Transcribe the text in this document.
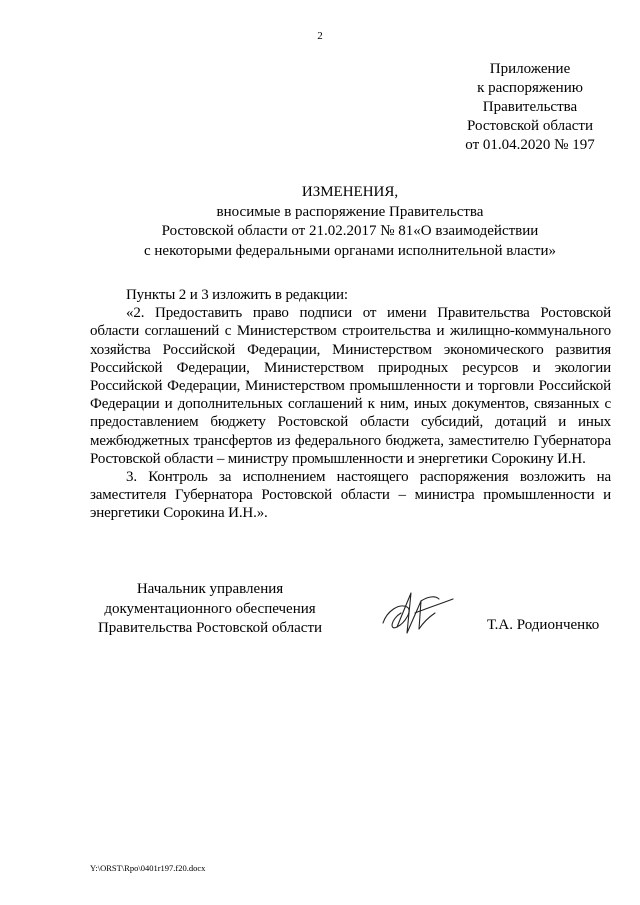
2
Приложение
к распоряжению
Правительства
Ростовской области
от 01.04.2020 № 197
ИЗМЕНЕНИЯ,
вносимые в распоряжение Правительства
Ростовской области от 21.02.2017 № 81«О взаимодействии
с некоторыми федеральными органами исполнительной власти»

Пункты 2 и 3 изложить в редакции:

«2. Предоставить право подписи от имени Правительства Ростовской области соглашений с Министерством строительства и жилищно-коммунального хозяйства Российской Федерации, Министерством экономического развития Российской Федерации, Министерством природных ресурсов и экологии Российской Федерации, Министерством промышленности и торговли Российской Федерации и дополнительных соглашений к ним, иных документов, связанных с предоставлением бюджету Ростовской области субсидий, дотаций и иных межбюджетных трансфертов из федерального бюджета, заместителю Губернатора Ростовской области – министру промышленности и энергетики Сорокину И.Н.

3. Контроль за исполнением настоящего распоряжения возложить на заместителя Губернатора Ростовской области – министра промышленности и энергетики Сорокина И.Н.».

Начальник управления
документационного обеспечения
Правительства Ростовской области	Т.А. Родионченко
Y:\ORST\Rpo\0401r197.f20.docx
